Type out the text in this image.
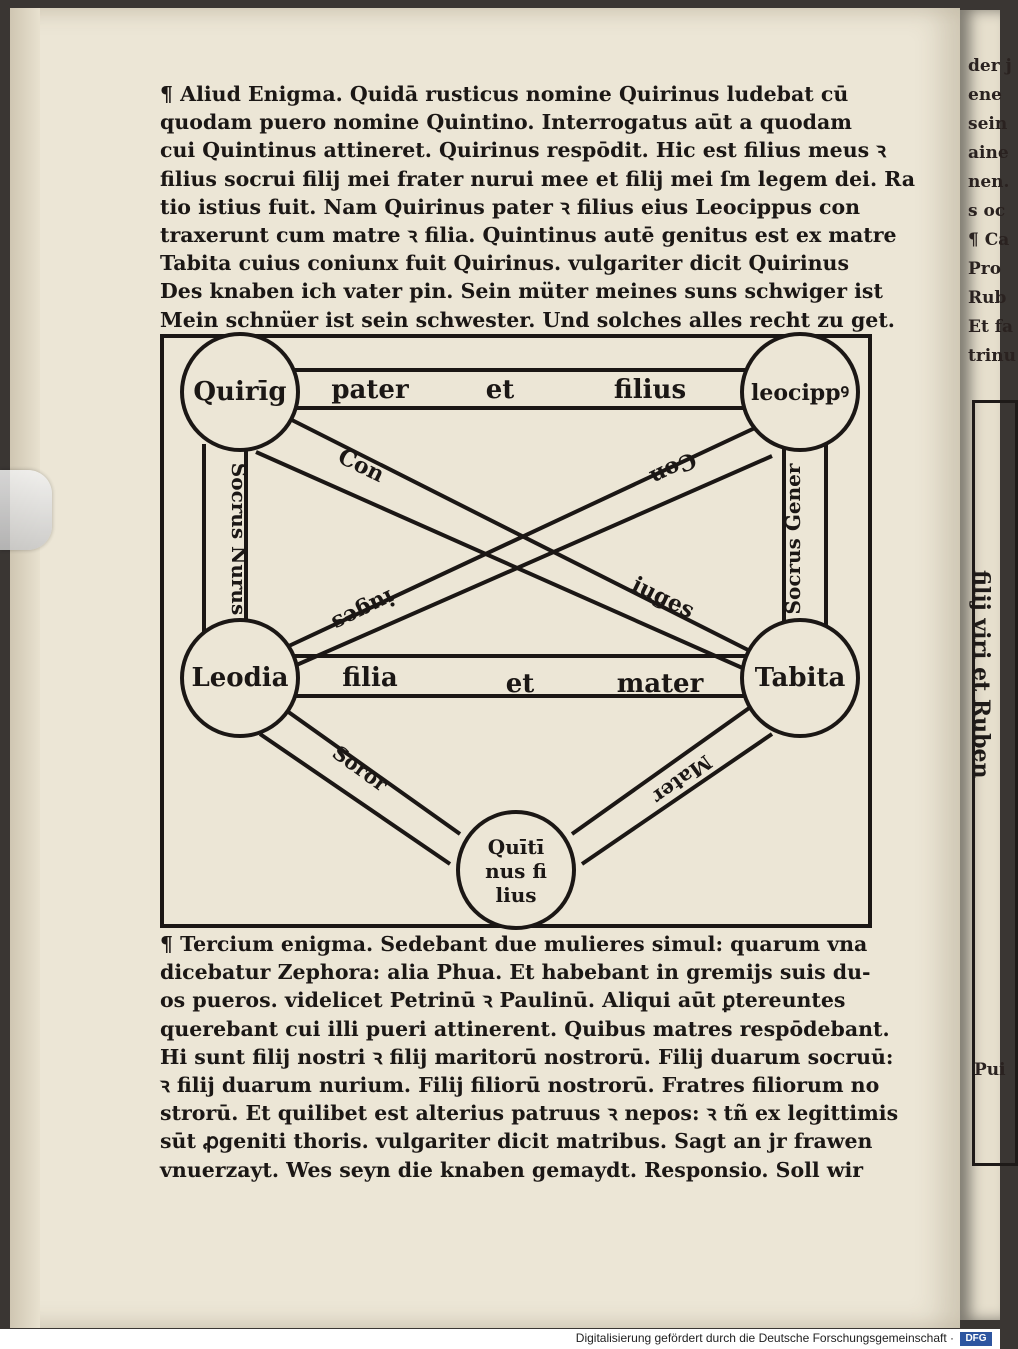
der j
ene
sein
aine
nen.
s oc
¶ Ca
Pro
Rub
Et fa
trinu
filij viri et Ruben
Pui
¶ Aliud Enigma. Quidā rusticus nomine Quirinus ludebat cū
quodam puero nomine Quintino. Interrogatus aūt a quodam
cui Quintinus attineret. Quirinus respōdit. Hic est filius meus ꝛ
filius socrui filij mei frater nurui mee et filij mei ſm legem dei. Ra
tio istius fuit. Nam Quirinus pater ꝛ filius eius Leocippus con
traxerunt cum matre ꝛ filia. Quintinus autē genitus est ex matre
Tabita cuius coniunx fuit Quirinus. vulgariter dicit Quirinus
Des knaben ich vater pin. Sein müter meines suns schwiger ist
Mein schnüer ist sein schwester. Und solches alles recht zu get.
Quirīg	leocippꝰ
Leodia	Tabita
Quītī
nus fi
lius
pater	et	filius
filia	et	mater
Socrus Nurus	Socrus Gener
Con
iuges
Con
iuges
Soror	Mater
¶ Tercium enigma. Sedebant due mulieres simul: quarum vna
dicebatur Zephora: alia Phua. Et habebant in gremijs suis du-
os pueros. videlicet Petrinū ꝛ Paulinū. Aliqui aūt ꝑtereuntes
querebant cui illi pueri attinerent. Quibus matres respōdebant.
Hi sunt filij nostri ꝛ filij maritorū nostrorū. Filij duarum socruū:
ꝛ filij duarum nurium. Filij filiorū nostrorū. Fratres filiorum no
strorū. Et quilibet est alterius patruus ꝛ nepos: ꝛ tñ ex legittimis
sūt ꝓgeniti thoris. vulgariter dicit matribus. Sagt an jr frawen
vnuerzayt. Wes seyn die knaben gemaydt. Responsio. Soll wir
Digitalisierung gefördert durch die Deutsche Forschungsgemeinschaft ·	DFG
